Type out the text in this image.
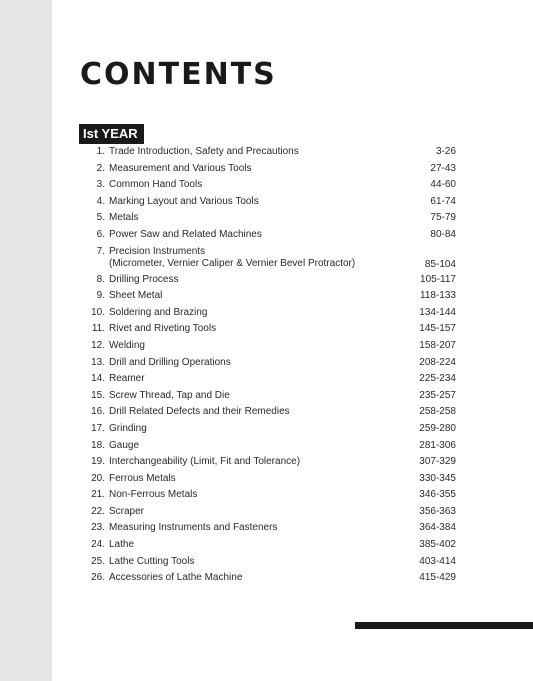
CONTENTS
Ist YEAR
1. Trade Introduction, Safety and Precautions	3-26
2. Measurement and Various Tools	27-43
3. Common Hand Tools	44-60
4. Marking Layout and Various Tools	61-74
5. Metals	75-79
6. Power Saw and Related Machines	80-84
7. Precision Instruments
(Micrometer, Vernier Caliper & Vernier Bevel Protractor)	85-104
8. Drilling Process	105-117
9. Sheet Metal	118-133
10. Soldering and Brazing	134-144
11. Rivet and Riveting Tools	145-157
12. Welding	158-207
13. Drill and Drilling Operations	208-224
14. Reamer	225-234
15. Screw Thread, Tap and Die	235-257
16. Drill Related Defects and their Remedies	258-258
17. Grinding	259-280
18. Gauge	281-306
19. Interchangeability (Limit, Fit and Tolerance)	307-329
20. Ferrous Metals	330-345
21. Non-Ferrous Metals	346-355
22. Scraper	356-363
23. Measuring Instruments and Fasteners	364-384
24. Lathe	385-402
25. Lathe Cutting Tools	403-414
26. Accessories of Lathe Machine	415-429
